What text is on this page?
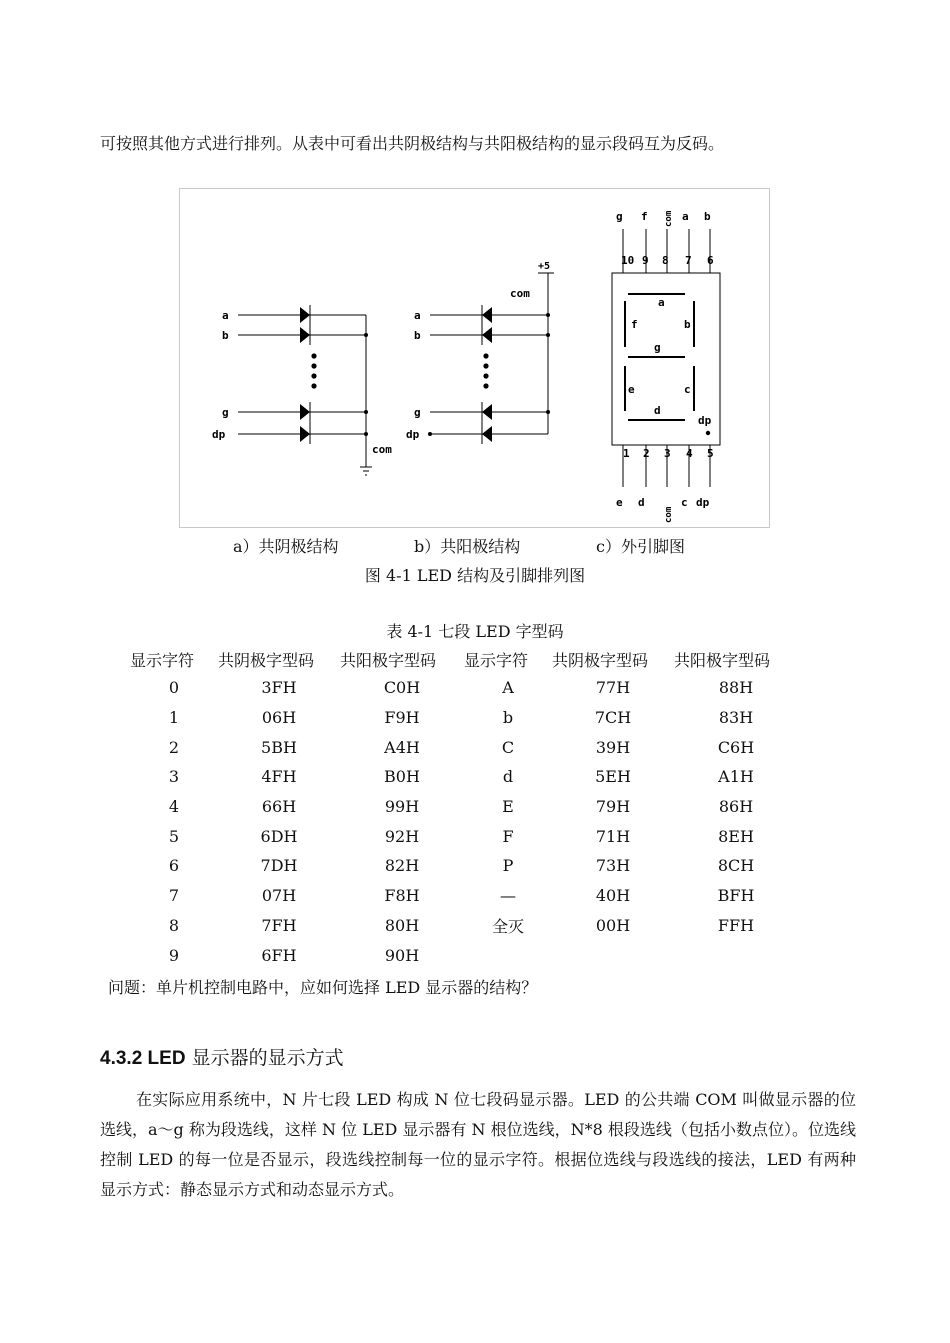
可按照其他方式进行排列。从表中可看出共阴极结构与共阳极结构的显示段码互为反码。
a
b
g
dp
com
a
b
g
dp
com
+5
g f com a b
10 9 8 7 6
a
f	b
g
e	c
d
dp
1 2 3 4 5
e d
com
c dp
a）共阴极结构	b）共阳极结构	c）外引脚图
图 4-1 LED 结构及引脚排列图
表 4-1 七段 LED 字型码
显示字符	共阴极字型码	共阳极字型码	显示字符	共阴极字型码	共阳极字型码
0	3FH	C0H	A	77H	88H
1	06H	F9H	b	7CH	83H
2	5BH	A4H	C	39H	C6H
3	4FH	B0H	d	5EH	A1H
4	66H	99H	E	79H	86H
5	6DH	92H	F	71H	8EH
6	7DH	82H	P	73H	8CH
7	07H	F8H	—	40H	BFH
8	7FH	80H	全灭	00H	FFH
9	6FH	90H			
问题：单片机控制电路中，应如何选择 LED 显示器的结构？
4.3.2 LED 显示器的显示方式
在实际应用系统中，N 片七段 LED 构成 N 位七段码显示器。LED 的公共端 COM 叫做显示器的位选线，a～g 称为段选线，这样 N 位 LED 显示器有 N 根位选线，N*8 根段选线（包括小数点位）。位选线控制 LED 的每一位是否显示，段选线控制每一位的显示字符。根据位选线与段选线的接法，LED 有两种显示方式：静态显示方式和动态显示方式。
